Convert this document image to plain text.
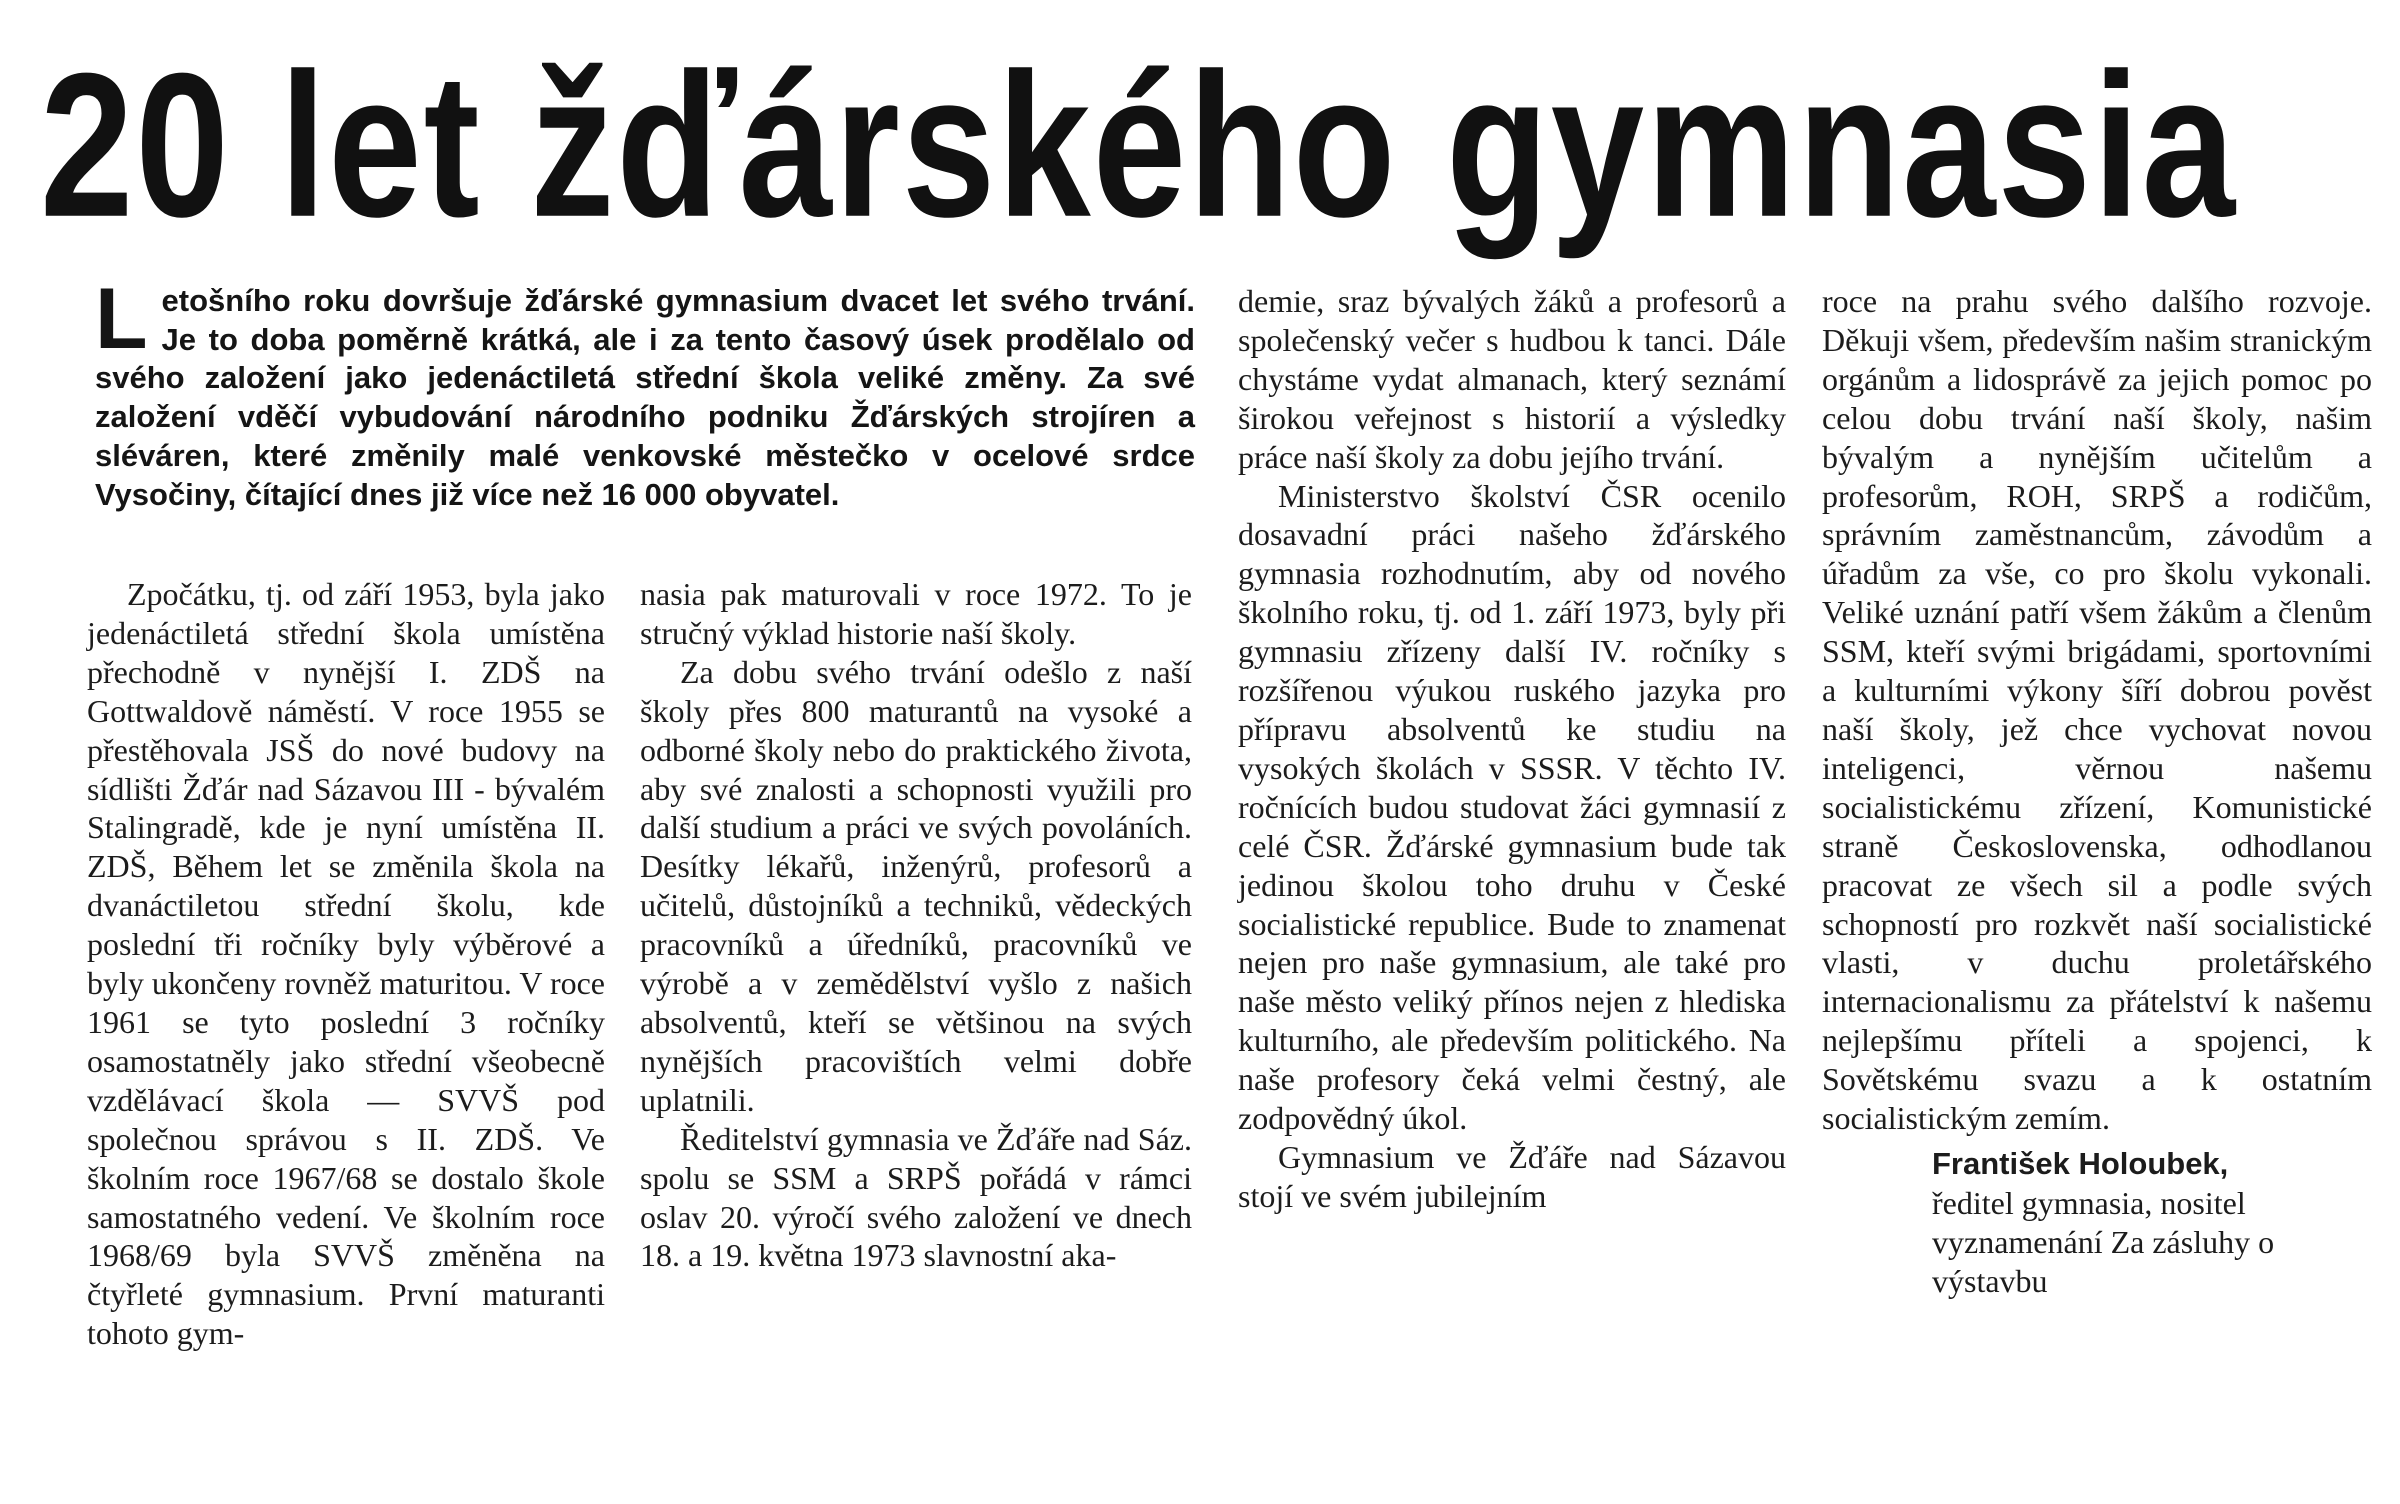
20 let žďárského gymnasia
Letošního roku dovršuje žďárské gymnasium dvacet let svého trvání. Je to doba poměrně krátká, ale i za tento časový úsek prodělalo od svého založení jako jedenáctiletá střední škola veliké změny. Za své založení vděčí vybudování národního podniku Žďárských strojíren a sléváren, které změnily malé venkovské městečko v ocelové srdce Vysočiny, čítající dnes již více než 16 000 obyvatel.

Zpočátku, tj. od září 1953, byla jako jedenáctiletá střední škola umístěna přechodně v nynější I. ZDŠ na Gottwaldově náměstí. V roce 1955 se přestěhovala JSŠ do nové budovy na sídlišti Žďár nad Sázavou III - bývalém Stalingradě, kde je nyní umístěna II. ZDŠ, Během let se změnila škola na dvanáctiletou střední školu, kde poslední tři ročníky byly výběrové a byly ukončeny rovněž maturitou. V roce 1961 se tyto poslední 3 ročníky osamostatněly jako střední všeobecně vzdělávací škola — SVVŠ pod společnou správou s II. ZDŠ. Ve školním roce 1967/68 se dostalo škole samostatného vedení. Ve školním roce 1968/69 byla SVVŠ změněna na čtyřleté gymnasium. První maturanti tohoto gym-

nasia pak maturovali v roce 1972. To je stručný výklad historie naší školy.

Za dobu svého trvání odešlo z naší školy přes 800 maturantů na vysoké a odborné školy nebo do praktického života, aby své znalosti a schopnosti využili pro další studium a práci ve svých povoláních. Desítky lékařů, inženýrů, profesorů a učitelů, důstojníků a techniků, vědeckých pracovníků a úředníků, pracovníků ve výrobě a v zemědělství vyšlo z našich absolventů, kteří se většinou na svých nynějších pracovištích velmi dobře uplatnili.

Ředitelství gymnasia ve Žďáře nad Sáz. spolu se SSM a SRPŠ pořádá v rámci oslav 20. výročí svého založení ve dnech 18. a 19. května 1973 slavnostní aka-

demie, sraz bývalých žáků a profesorů a společenský večer s hudbou k tanci. Dále chystáme vydat almanach, který seznámí širokou veřejnost s historií a výsledky práce naší školy za dobu jejího trvání.

Ministerstvo školství ČSR ocenilo dosavadní práci našeho žďárského gymnasia rozhodnutím, aby od nového školního roku, tj. od 1. září 1973, byly při gymnasiu zřízeny další IV. ročníky s rozšířenou výukou ruského jazyka pro přípravu absolventů ke studiu na vysokých školách v SSSR. V těchto IV. ročnících budou studovat žáci gymnasií z celé ČSR. Žďárské gymnasium bude tak jedinou školou toho druhu v České socialistické republice. Bude to znamenat nejen pro naše gymnasium, ale také pro naše město veliký přínos nejen z hlediska kulturního, ale především politického. Na naše profesory čeká velmi čestný, ale zodpovědný úkol.

Gymnasium ve Žďáře nad Sázavou stojí ve svém jubilejním

roce na prahu svého dalšího rozvoje. Děkuji všem, především našim stranickým orgánům a lidosprávě za jejich pomoc po celou dobu trvání naší školy, našim bývalým a nynějším učitelům a profesorům, ROH, SRPŠ a rodičům, správním zaměstnancům, závodům a úřadům za vše, co pro školu vykonali. Veliké uznání patří všem žákům a členům SSM, kteří svými brigádami, sportovními a kulturními výkony šíří dobrou pověst naší školy, jež chce vychovat novou inteligenci, věrnou našemu socialistickému zřízení, Komunistické straně Československa, odhodlanou pracovat ze všech sil a podle svých schopností pro rozkvět naší socialistické vlasti, v duchu proletářského internacionalismu za přátelství k našemu nejlepšímu příteli a spojenci, k Sovětskému svazu a k ostatním socialistickým zemím.

František Holoubek,
ředitel gymnasia, nositel vyznamenání Za zásluhy o výstavbu
